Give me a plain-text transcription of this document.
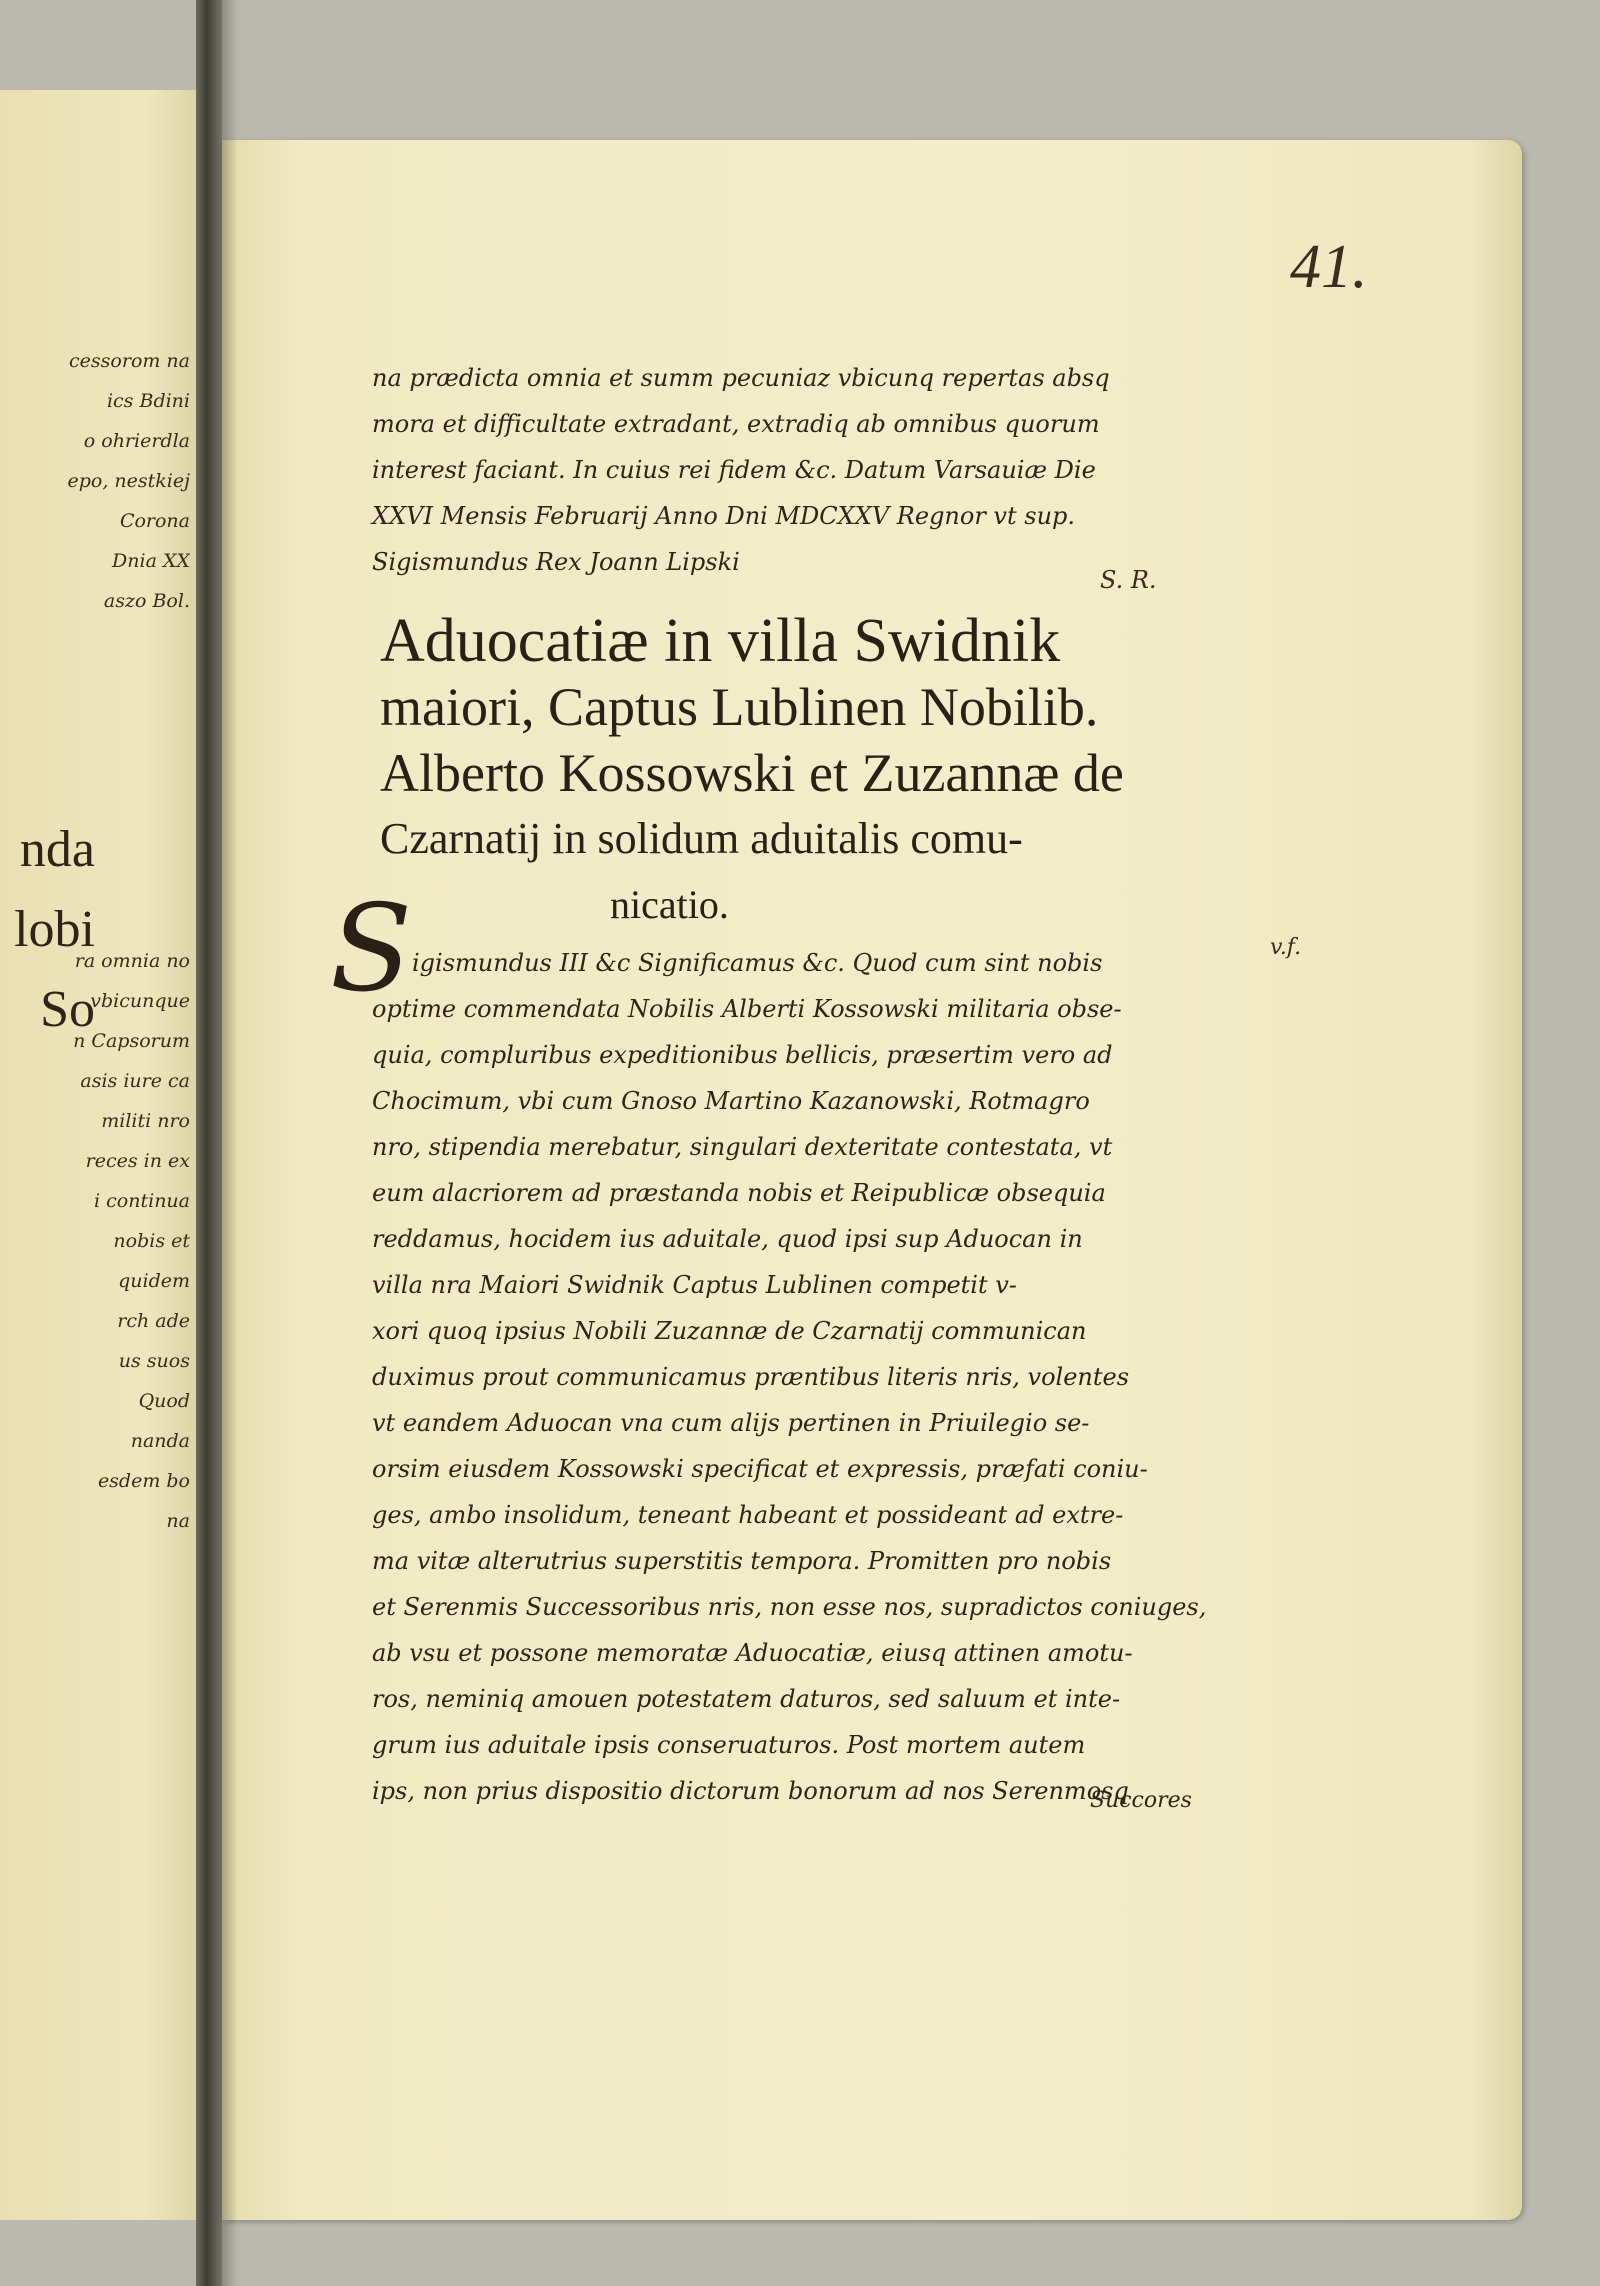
cessorom na
ics Bdini
o ohrierdla
epo, nestkiej
Corona
Dnia XX
aszo Bol.
ra omnia no
vbicunque
n Capsorum
asis iure ca
militi nro
reces in ex
i continua
nobis et
quidem
rch ade
us suos
Quod
nanda
esdem bo
na
nda
lobi
So
41.
na prædicta omnia et summ pecuniaz vbicunq repertas absq
mora et difficultate extradant, extradiq ab omnibus quorum
interest faciant. In cuius rei fidem &c. Datum Varsauiæ Die
XXVI Mensis Februarij Anno Dni MDCXXV Regnor vt sup.
Sigismundus Rex Joann Lipski
S. R.
Aduocatiæ in villa Swidnik
maiori, Captus Lublinen Nobilib.
Alberto Kossowski et Zuzannæ de
Czarnatij in solidum aduitalis comu-
nicatio.
S	v.f.
igismundus III &c Significamus &c. Quod cum sint nobis
optime commendata Nobilis Alberti Kossowski militaria obse-
quia, compluribus expeditionibus bellicis, præsertim vero ad
Chocimum, vbi cum Gnoso Martino Kazanowski, Rotmagro
nro, stipendia merebatur, singulari dexteritate contestata, vt
eum alacriorem ad præstanda nobis et Reipublicæ obsequia
reddamus, hocidem ius aduitale, quod ipsi sup Aduocan in
villa nra Maiori Swidnik Captus Lublinen competit v-
xori quoq ipsius Nobili Zuzannæ de Czarnatij communican
duximus prout communicamus præntibus literis nris, volentes
vt eandem Aduocan vna cum alijs pertinen in Priuilegio se-
orsim eiusdem Kossowski specificat et expressis, præfati coniu-
ges, ambo insolidum, teneant habeant et possideant ad extre-
ma vitæ alterutrius superstitis tempora. Promitten pro nobis
et Serenmis Successoribus nris, non esse nos, supradictos coniuges,
ab vsu et possone memoratæ Aduocatiæ, eiusq attinen amotu-
ros, neminiq amouen potestatem daturos, sed saluum et inte-
grum ius aduitale ipsis conseruaturos. Post mortem autem
ips, non prius dispositio dictorum bonorum ad nos Serenmosq
Succores
